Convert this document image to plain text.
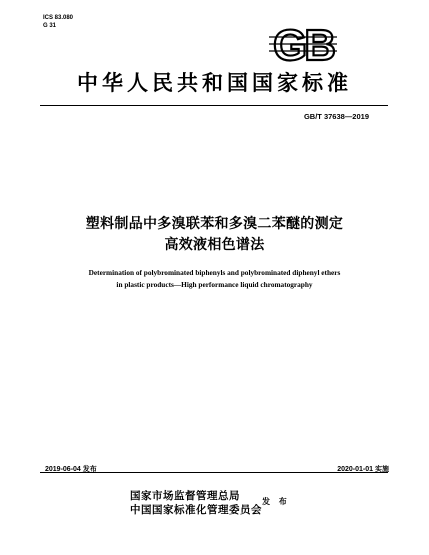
ICS 83.080
G 31	GB
中华人民共和国国家标准
GB/T 37638—2019
塑料制品中多溴联苯和多溴二苯醚的测定
高效液相色谱法
Determination of polybrominated biphenyls and polybrominated diphenyl ethers
in plastic products—High performance liquid chromatography
2019-06-04 发布	2020-01-01 实施
国家市场监督管理总局
中国国家标准化管理委员会
发 布
